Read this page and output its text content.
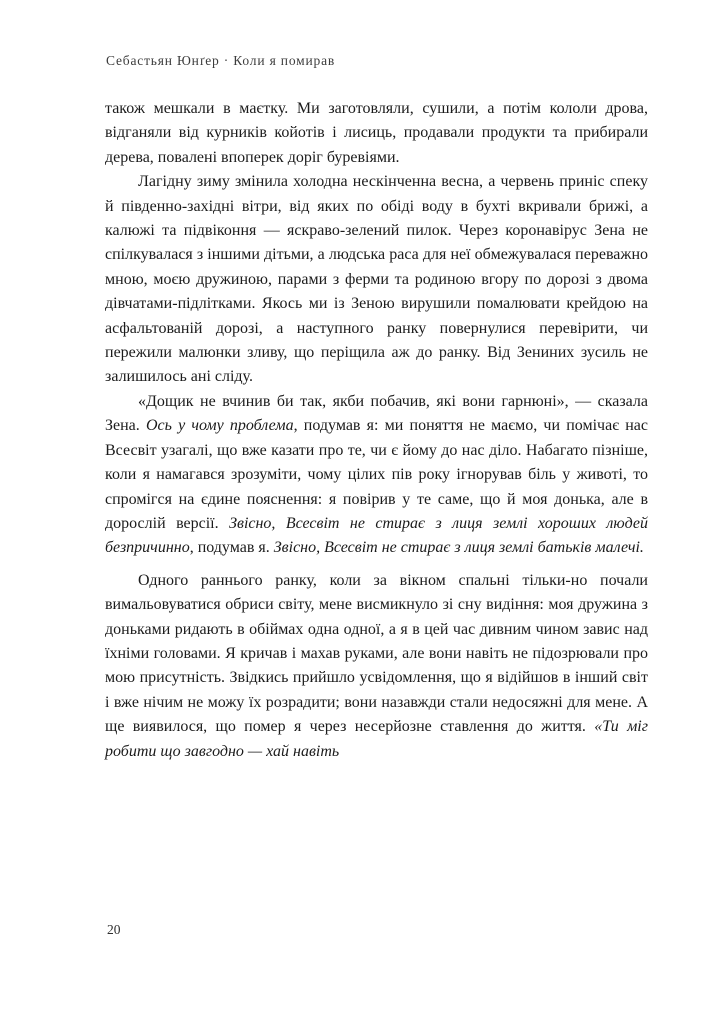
Себастьян Юнґер · Коли я помирав

також мешкали в маєтку. Ми заготовляли, сушили, а потім кололи дрова, відганяли від курників койотів і лисиць, продавали продукти та прибирали дерева, повалені впоперек доріг буревіями.

Лагідну зиму змінила холодна нескінченна весна, а червень приніс спеку й південно-західні вітри, від яких по обіді воду в бухті вкривали брижі, а калюжі та підвіконня — яскраво-зелений пилок. Через коронавірус Зена не спілкувалася з іншими дітьми, а людська раса для неї обмежувалася переважно мною, моєю дружиною, парами з ферми та родиною вгору по дорозі з двома дівчатами-підлітками. Якось ми із Зеною вирушили помалювати крейдою на асфальтованій дорозі, а наступного ранку повернулися перевірити, чи пережили малюнки зливу, що періщила аж до ранку. Від Зениних зусиль не залишилось ані сліду.

«Дощик не вчинив би так, якби побачив, які вони гарнюні», — сказала Зена. Ось у чому проблема, подумав я: ми поняття не маємо, чи помічає нас Всесвіт узагалі, що вже казати про те, чи є йому до нас діло. Набагато пізніше, коли я намагався зрозуміти, чому цілих пів року ігнорував біль у животі, то спромігся на єдине пояснення: я повірив у те саме, що й моя донька, але в дорослій версії. Звісно, Всесвіт не стирає з лиця землі хороших людей безпричинно, подумав я. Звісно, Всесвіт не стирає з лиця землі батьків малечі.

Одного раннього ранку, коли за вікном спальні тільки-но почали вимальовуватися обриси світу, мене висмикнуло зі сну видіння: моя дружина з доньками ридають в обіймах одна одної, а я в цей час дивним чином завис над їхніми головами. Я кричав і махав руками, але вони навіть не підозрювали про мою присутність. Звідкись прийшло усвідомлення, що я відійшов в інший світ і вже нічим не можу їх розрадити; вони назавжди стали недосяжні для мене. А ще виявилося, що помер я через несерйозне ставлення до життя. «Ти міг робити що завгодно — хай навіть

20
